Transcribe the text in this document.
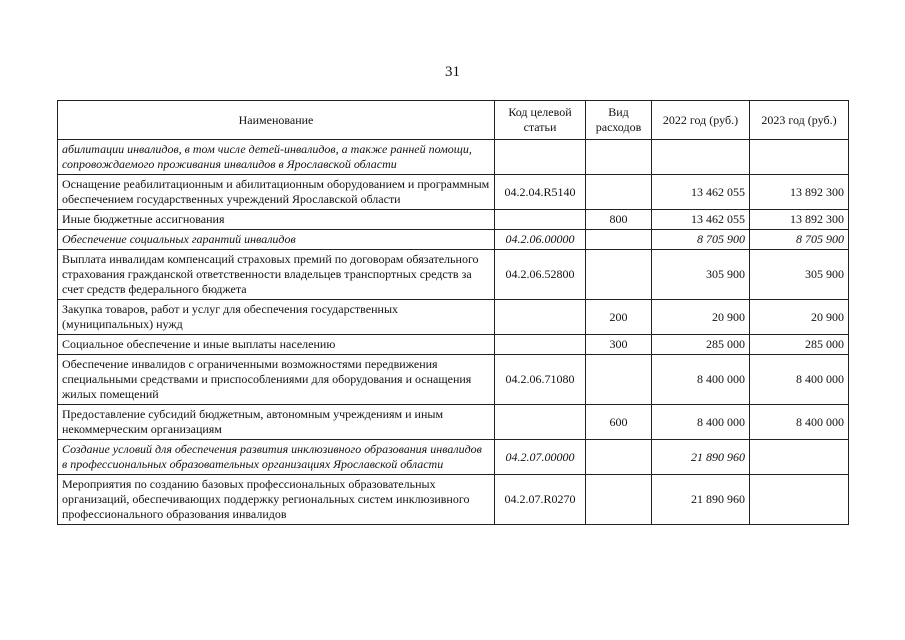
31
Наименование	Код целевой статьи	Вид расходов	2022 год (руб.)	2023 год (руб.)
абилитации инвалидов, в том числе детей-инвалидов, а также ранней помощи, сопровождаемого проживания инвалидов в Ярославской области				
Оснащение реабилитационным и абилитационным оборудованием и программным обеспечением государственных учреждений Ярославской области	04.2.04.R5140		13 462 055	13 892 300
Иные бюджетные ассигнования		800	13 462 055	13 892 300
Обеспечение социальных гарантий инвалидов	04.2.06.00000		8 705 900	8 705 900
Выплата инвалидам компенсаций страховых премий по договорам обязательного страхования гражданской ответственности владельцев транспортных средств за счет средств федерального бюджета	04.2.06.52800		305 900	305 900
Закупка товаров, работ и услуг для обеспечения государственных (муниципальных) нужд		200	20 900	20 900
Социальное обеспечение и иные выплаты населению		300	285 000	285 000
Обеспечение инвалидов с ограниченными возможностями передвижения специальными средствами и приспособлениями для оборудования и оснащения жилых помещений	04.2.06.71080		8 400 000	8 400 000
Предоставление субсидий бюджетным, автономным учреждениям и иным некоммерческим организациям		600	8 400 000	8 400 000
Создание условий для обеспечения развития инклюзивного образования инвалидов в профессиональных образовательных организациях Ярославской области	04.2.07.00000		21 890 960	
Мероприятия по созданию базовых профессиональных образовательных организаций, обеспечивающих поддержку региональных систем инклюзивного профессионального образования инвалидов	04.2.07.R0270		21 890 960	
